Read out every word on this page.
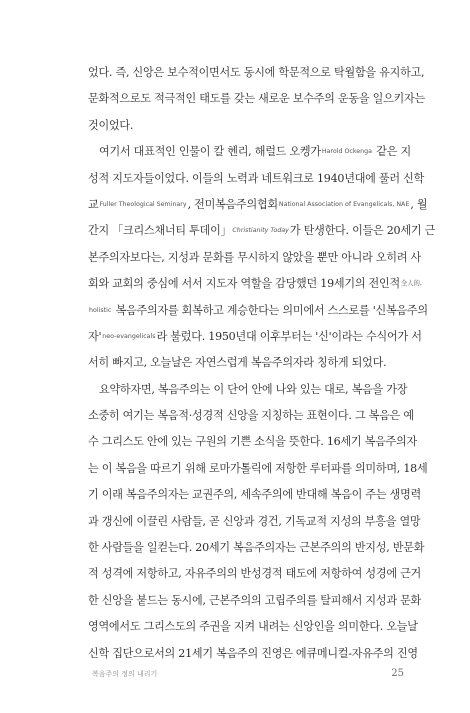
었다. 즉, 신앙은 보수적이면서도 동시에 학문적으로 탁월함을 유지하고,
문화적으로도 적극적인 태도를 갖는 새로운 보수주의 운동을 일으키자는
것이었다.
여기서 대표적인 인물이 칼 헨리, 해럴드 오켕가Harold Ockenga 같은 지
성적 지도자들이었다. 이들의 노력과 네트워크로 1940년대에 풀러 신학
교Fuller Theological Seminary, 전미복음주의협회National Association of Evangelicals, NAE, 월
간지 「크리스채너티 투데이」Christianity Today가 탄생한다. 이들은 20세기 근
본주의자보다는, 지성과 문화를 무시하지 않았을 뿐만 아니라 오히려 사
회와 교회의 중심에 서서 지도자 역할을 감당했던 19세기의 전인적全人的,
holistic 복음주의자를 회복하고 계승한다는 의미에서 스스로를 '신복음주의
자'neo-evangelicals라 불렀다. 1950년대 이후부터는 '신'이라는 수식어가 서
서히 빠지고, 오늘날은 자연스럽게 복음주의자라 칭하게 되었다.
요약하자면, 복음주의는 이 단어 안에 나와 있는 대로, 복음을 가장
소중히 여기는 복음적·성경적 신앙을 지칭하는 표현이다. 그 복음은 예
수 그리스도 안에 있는 구원의 기쁜 소식을 뜻한다. 16세기 복음주의자
는 이 복음을 따르기 위해 로마가톨릭에 저항한 루터파를 의미하며, 18세
기 이래 복음주의자는 교권주의, 세속주의에 반대해 복음이 주는 생명력
과 갱신에 이끌린 사람들, 곧 신앙과 경건, 기독교적 지성의 부흥을 열망
한 사람들을 일컫는다. 20세기 복음주의자는 근본주의의 반지성, 반문화
적 성격에 저항하고, 자유주의의 반성경적 태도에 저항하여 성경에 근거
한 신앙을 붙드는 동시에, 근본주의의 고립주의를 탈피해서 지성과 문화
영역에서도 그리스도의 주권을 지켜 내려는 신앙인을 의미한다. 오늘날
신학 집단으로서의 21세기 복음주의 진영은 에큐메니컬-자유주의 진영
복음주의 정의 내리기	25
